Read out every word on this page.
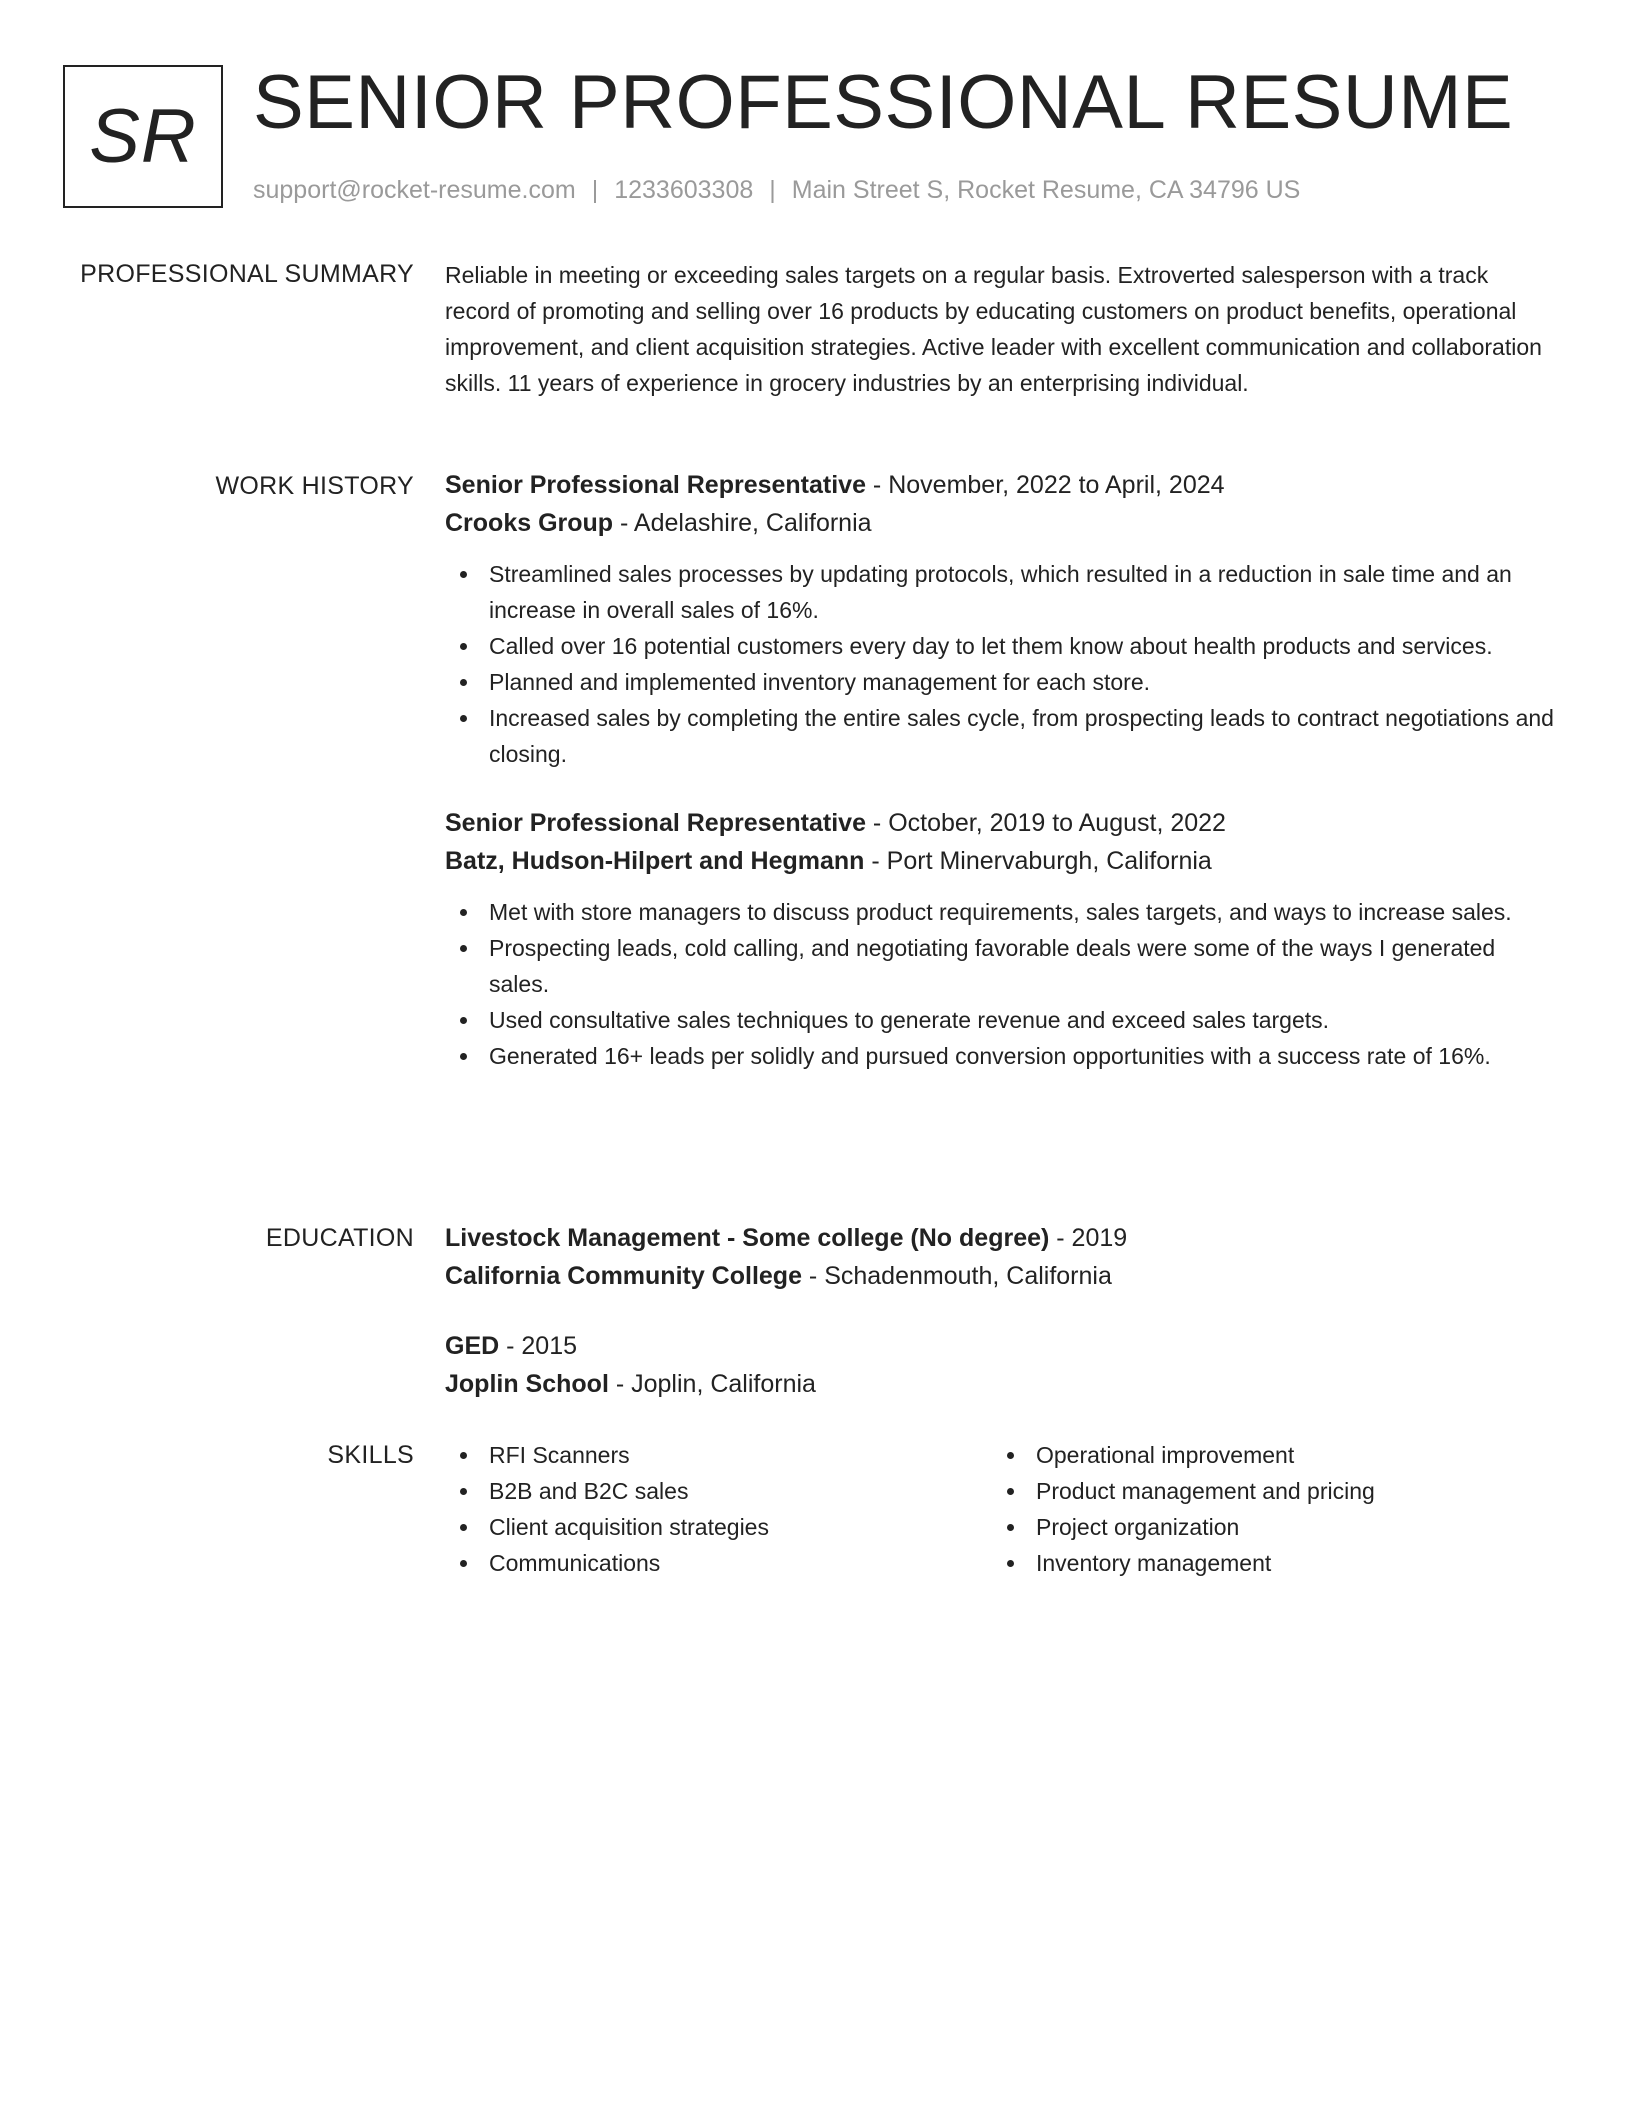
SR SENIOR PROFESSIONAL RESUME
support@rocket-resume.com | 1233603308 | Main Street S, Rocket Resume, CA 34796 US
PROFESSIONAL SUMMARY Reliable in meeting or exceeding sales targets on a regular basis. Extroverted salesperson with a track record of promoting and selling over 16 products by educating customers on product benefits, operational improvement, and client acquisition strategies. Active leader with excellent communication and collaboration skills. 11 years of experience in grocery industries by an enterprising individual.

WORK HISTORY Senior Professional Representative - November, 2022 to April, 2024
Crooks Group - Adelashire, California
Streamlined sales processes by updating protocols, which resulted in a reduction in sale time and an increase in overall sales of 16%.
Called over 16 potential customers every day to let them know about health products and services.
Planned and implemented inventory management for each store.
Increased sales by completing the entire sales cycle, from prospecting leads to contract negotiations and closing.
Senior Professional Representative - October, 2019 to August, 2022
Batz, Hudson-Hilpert and Hegmann - Port Minervaburgh, California
Met with store managers to discuss product requirements, sales targets, and ways to increase sales.
Prospecting leads, cold calling, and negotiating favorable deals were some of the ways I generated sales.
Used consultative sales techniques to generate revenue and exceed sales targets.
Generated 16+ leads per solidly and pursued conversion opportunities with a success rate of 16%.
EDUCATION Livestock Management - Some college (No degree) - 2019
California Community College - Schadenmouth, California
GED - 2015
Joplin School - Joplin, California
SKILLS	RFI Scanners
B2B and B2C sales
Client acquisition strategies
Communications
Operational improvement
Product management and pricing
Project organization
Inventory management
